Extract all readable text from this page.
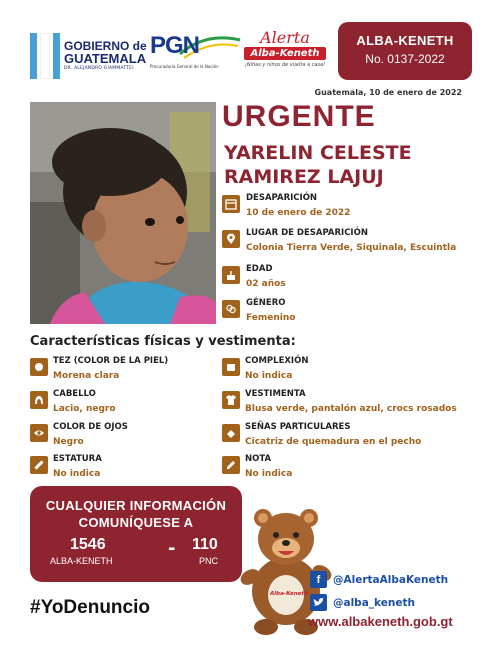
GOBIERNO de
GUATEMALA
DR. ALEJANDRO GIAMMATTEI
PGN
Procuraduría General de la Nación
Alerta
Alba-Keneth
¡Niñas y niños de vuelta a casa!
ALBA-KENETH
No. 0137-2022
Guatemala, 10 de enero de 2022
URGENTE
YARELIN CELESTE
RAMIREZ LAJUJ
DESAPARICIÓN
10 de enero de 2022
LUGAR DE DESAPARICIÓN
Colonia Tierra Verde, Siquinala, Escuintla
EDAD
02 años
GÉNERO
Femenino
Características físicas y vestimenta:
TEZ (COLOR DE LA PIEL)
Morena clara
CABELLO
Lacio, negro
COLOR DE OJOS
Negro
ESTATURA
No indica
COMPLEXIÓN
No indica
VESTIMENTA
Blusa verde, pantalón azul, crocs rosados
SEÑAS PARTICULARES
Cicatriz de quemadura en el pecho
NOTA
No indica
CUALQUIER INFORMACIÓN
COMUNÍQUESE A
1546
ALBA-KENETH
- 110
PNC
Alba-Keneth
#YoDenuncio
f	@AlertaAlbaKeneth
@alba_keneth
www.albakeneth.gob.gt
